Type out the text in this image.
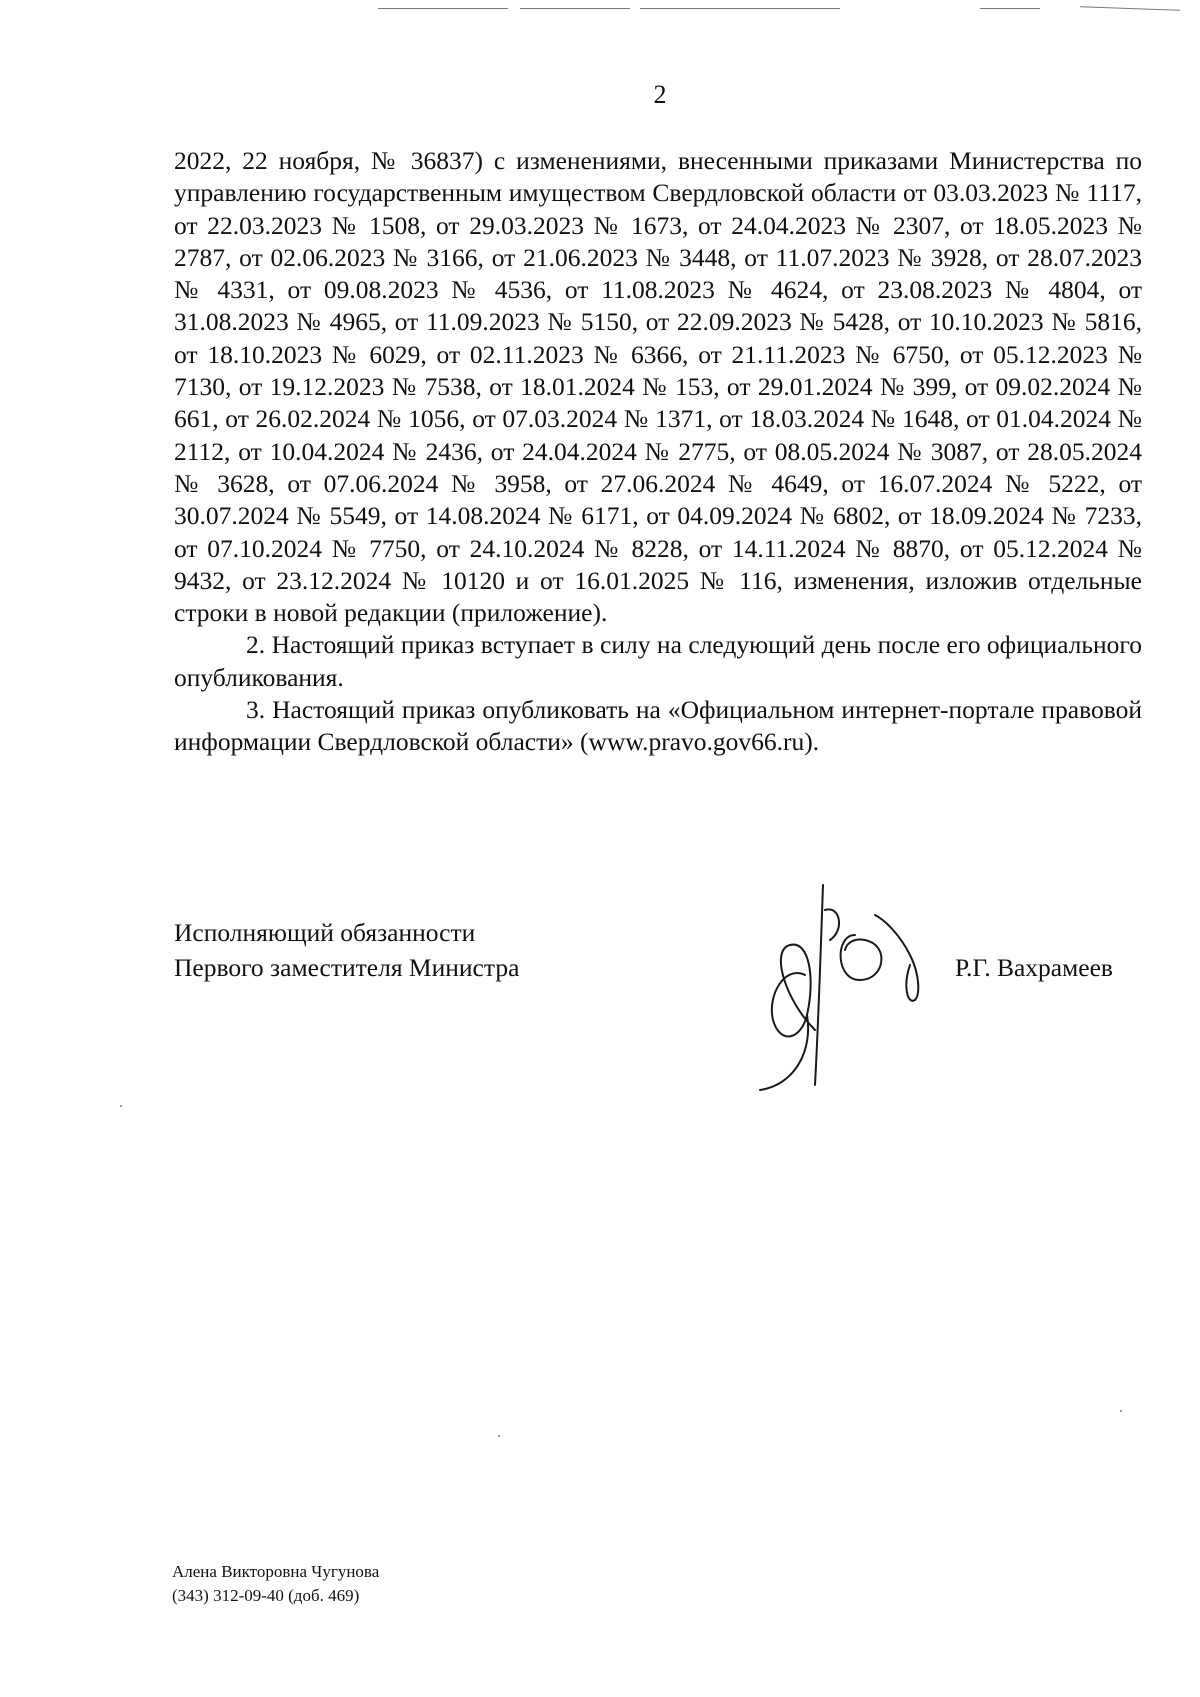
2

2022, 22 ноября, № 36837) с изменениями, внесенными приказами Министерства по управлению государственным имуществом Свердловской области от 03.03.2023 № 1117, от 22.03.2023 № 1508, от 29.03.2023 № 1673, от 24.04.2023 № 2307, от 18.05.2023 № 2787, от 02.06.2023 № 3166, от 21.06.2023 № 3448, от 11.07.2023 № 3928, от 28.07.2023 № 4331, от 09.08.2023 № 4536, от 11.08.2023 № 4624, от 23.08.2023 № 4804, от 31.08.2023 № 4965, от 11.09.2023 № 5150, от 22.09.2023 № 5428, от 10.10.2023 № 5816, от 18.10.2023 № 6029, от 02.11.2023 № 6366, от 21.11.2023 № 6750, от 05.12.2023 № 7130, от 19.12.2023 № 7538, от 18.01.2024 № 153, от 29.01.2024 № 399, от 09.02.2024 № 661, от 26.02.2024 № 1056, от 07.03.2024 № 1371, от 18.03.2024 № 1648, от 01.04.2024 № 2112, от 10.04.2024 № 2436, от 24.04.2024 № 2775, от 08.05.2024 № 3087, от 28.05.2024 № 3628, от 07.06.2024 № 3958, от 27.06.2024 № 4649, от 16.07.2024 № 5222, от 30.07.2024 № 5549, от 14.08.2024 № 6171, от 04.09.2024 № 6802, от 18.09.2024 № 7233, от 07.10.2024 № 7750, от 24.10.2024 № 8228, от 14.11.2024 № 8870, от 05.12.2024 № 9432, от 23.12.2024 № 10120 и от 16.01.2025 № 116, изменения, изложив отдельные строки в новой редакции (приложение).

2. Настоящий приказ вступает в силу на следующий день после его официального опубликования.

3. Настоящий приказ опубликовать на «Официальном интернет-портале правовой информации Свердловской области» (www.pravo.gov66.ru).

Исполняющий обязанности
Первого заместителя Министра	Р.Г. Вахрамеев
Алена Викторовна Чугунова
(343) 312-09-40 (доб. 469)
